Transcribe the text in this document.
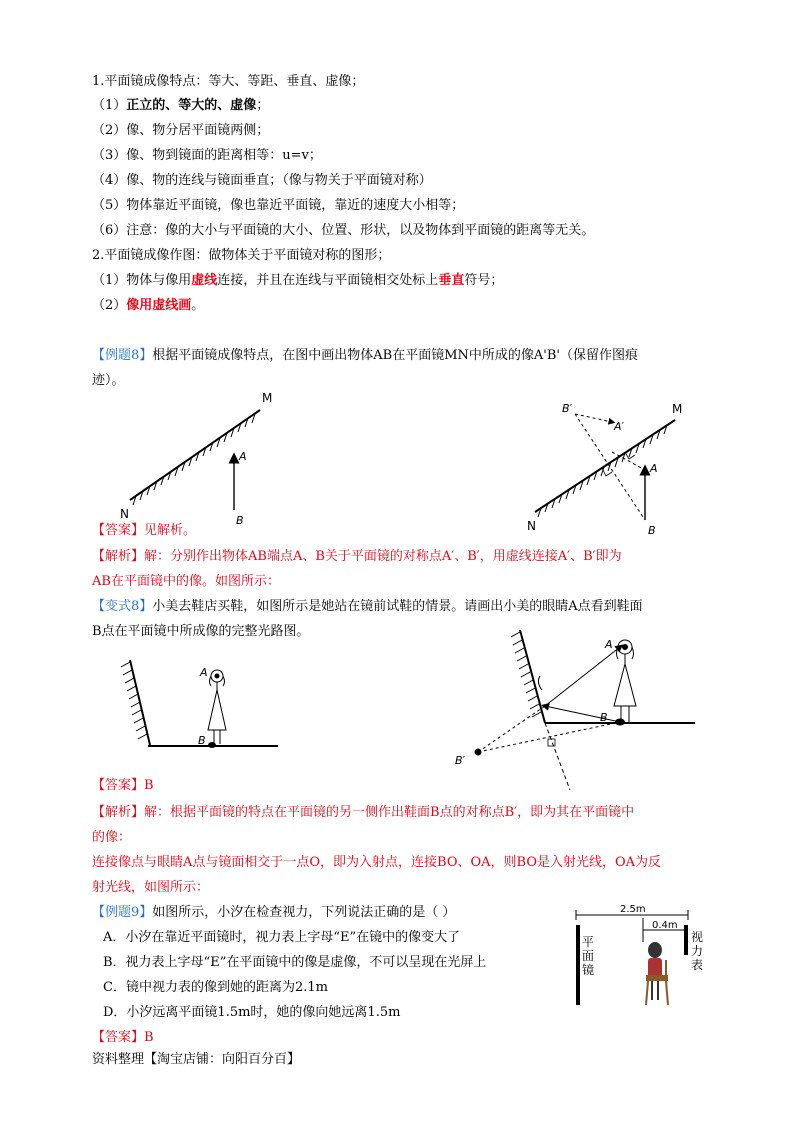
1.平面镜成像特点：等大、等距、垂直、虚像；
（1）正立的、等大的、虚像；
（2）像、物分居平面镜两侧；
（3）像、物到镜面的距离相等：u=v；
（4）像、物的连线与镜面垂直；（像与物关于平面镜对称）
（5）物体靠近平面镜，像也靠近平面镜，靠近的速度大小相等；
（6）注意：像的大小与平面镜的大小、位置、形状，以及物体到平面镜的距离等无关。
2.平面镜成像作图：做物体关于平面镜对称的图形；
（1）物体与像用虚线连接，并且在连线与平面镜相交处标上垂直符号；
（2）像用虚线画。
【例题8】根据平面镜成像特点，在图中画出物体AB在平面镜MN中所成的像A'B'（保留作图痕
迹）。
M
N
A
B
M
N
A
B
A′
B′
【答案】见解析。
【解析】解：分别作出物体AB端点A、B关于平面镜的对称点A′、B′，用虚线连接A′、B′即为
AB在平面镜中的像。如图所示：
【变式8】小美去鞋店买鞋，如图所示是她站在镜前试鞋的情景。请画出小美的眼睛A点看到鞋面
B点在平面镜中所成像的完整光路图。
A
B
A
B
B′
【答案】B
【解析】解：根据平面镜的特点在平面镜的另一侧作出鞋面B点的对称点B′，即为其在平面镜中
的像：
连接像点与眼睛A点与镜面相交于一点O，即为入射点，连接BO、OA，则BO是入射光线，OA为反
射光线，如图所示：
【例题9】如图所示，小汐在检查视力，下列说法正确的是（ ）
A．小汐在靠近平面镜时，视力表上字母“E”在镜中的像变大了
B．视力表上字母“E”在平面镜中的像是虚像，不可以呈现在光屏上
C．镜中视力表的像到她的距离为2.1m
D．小汐远离平面镜1.5m时，她的像向她远离1.5m
【答案】B
2.5m
0.4m
平面镜
视力表
资料整理【淘宝店铺：向阳百分百】
